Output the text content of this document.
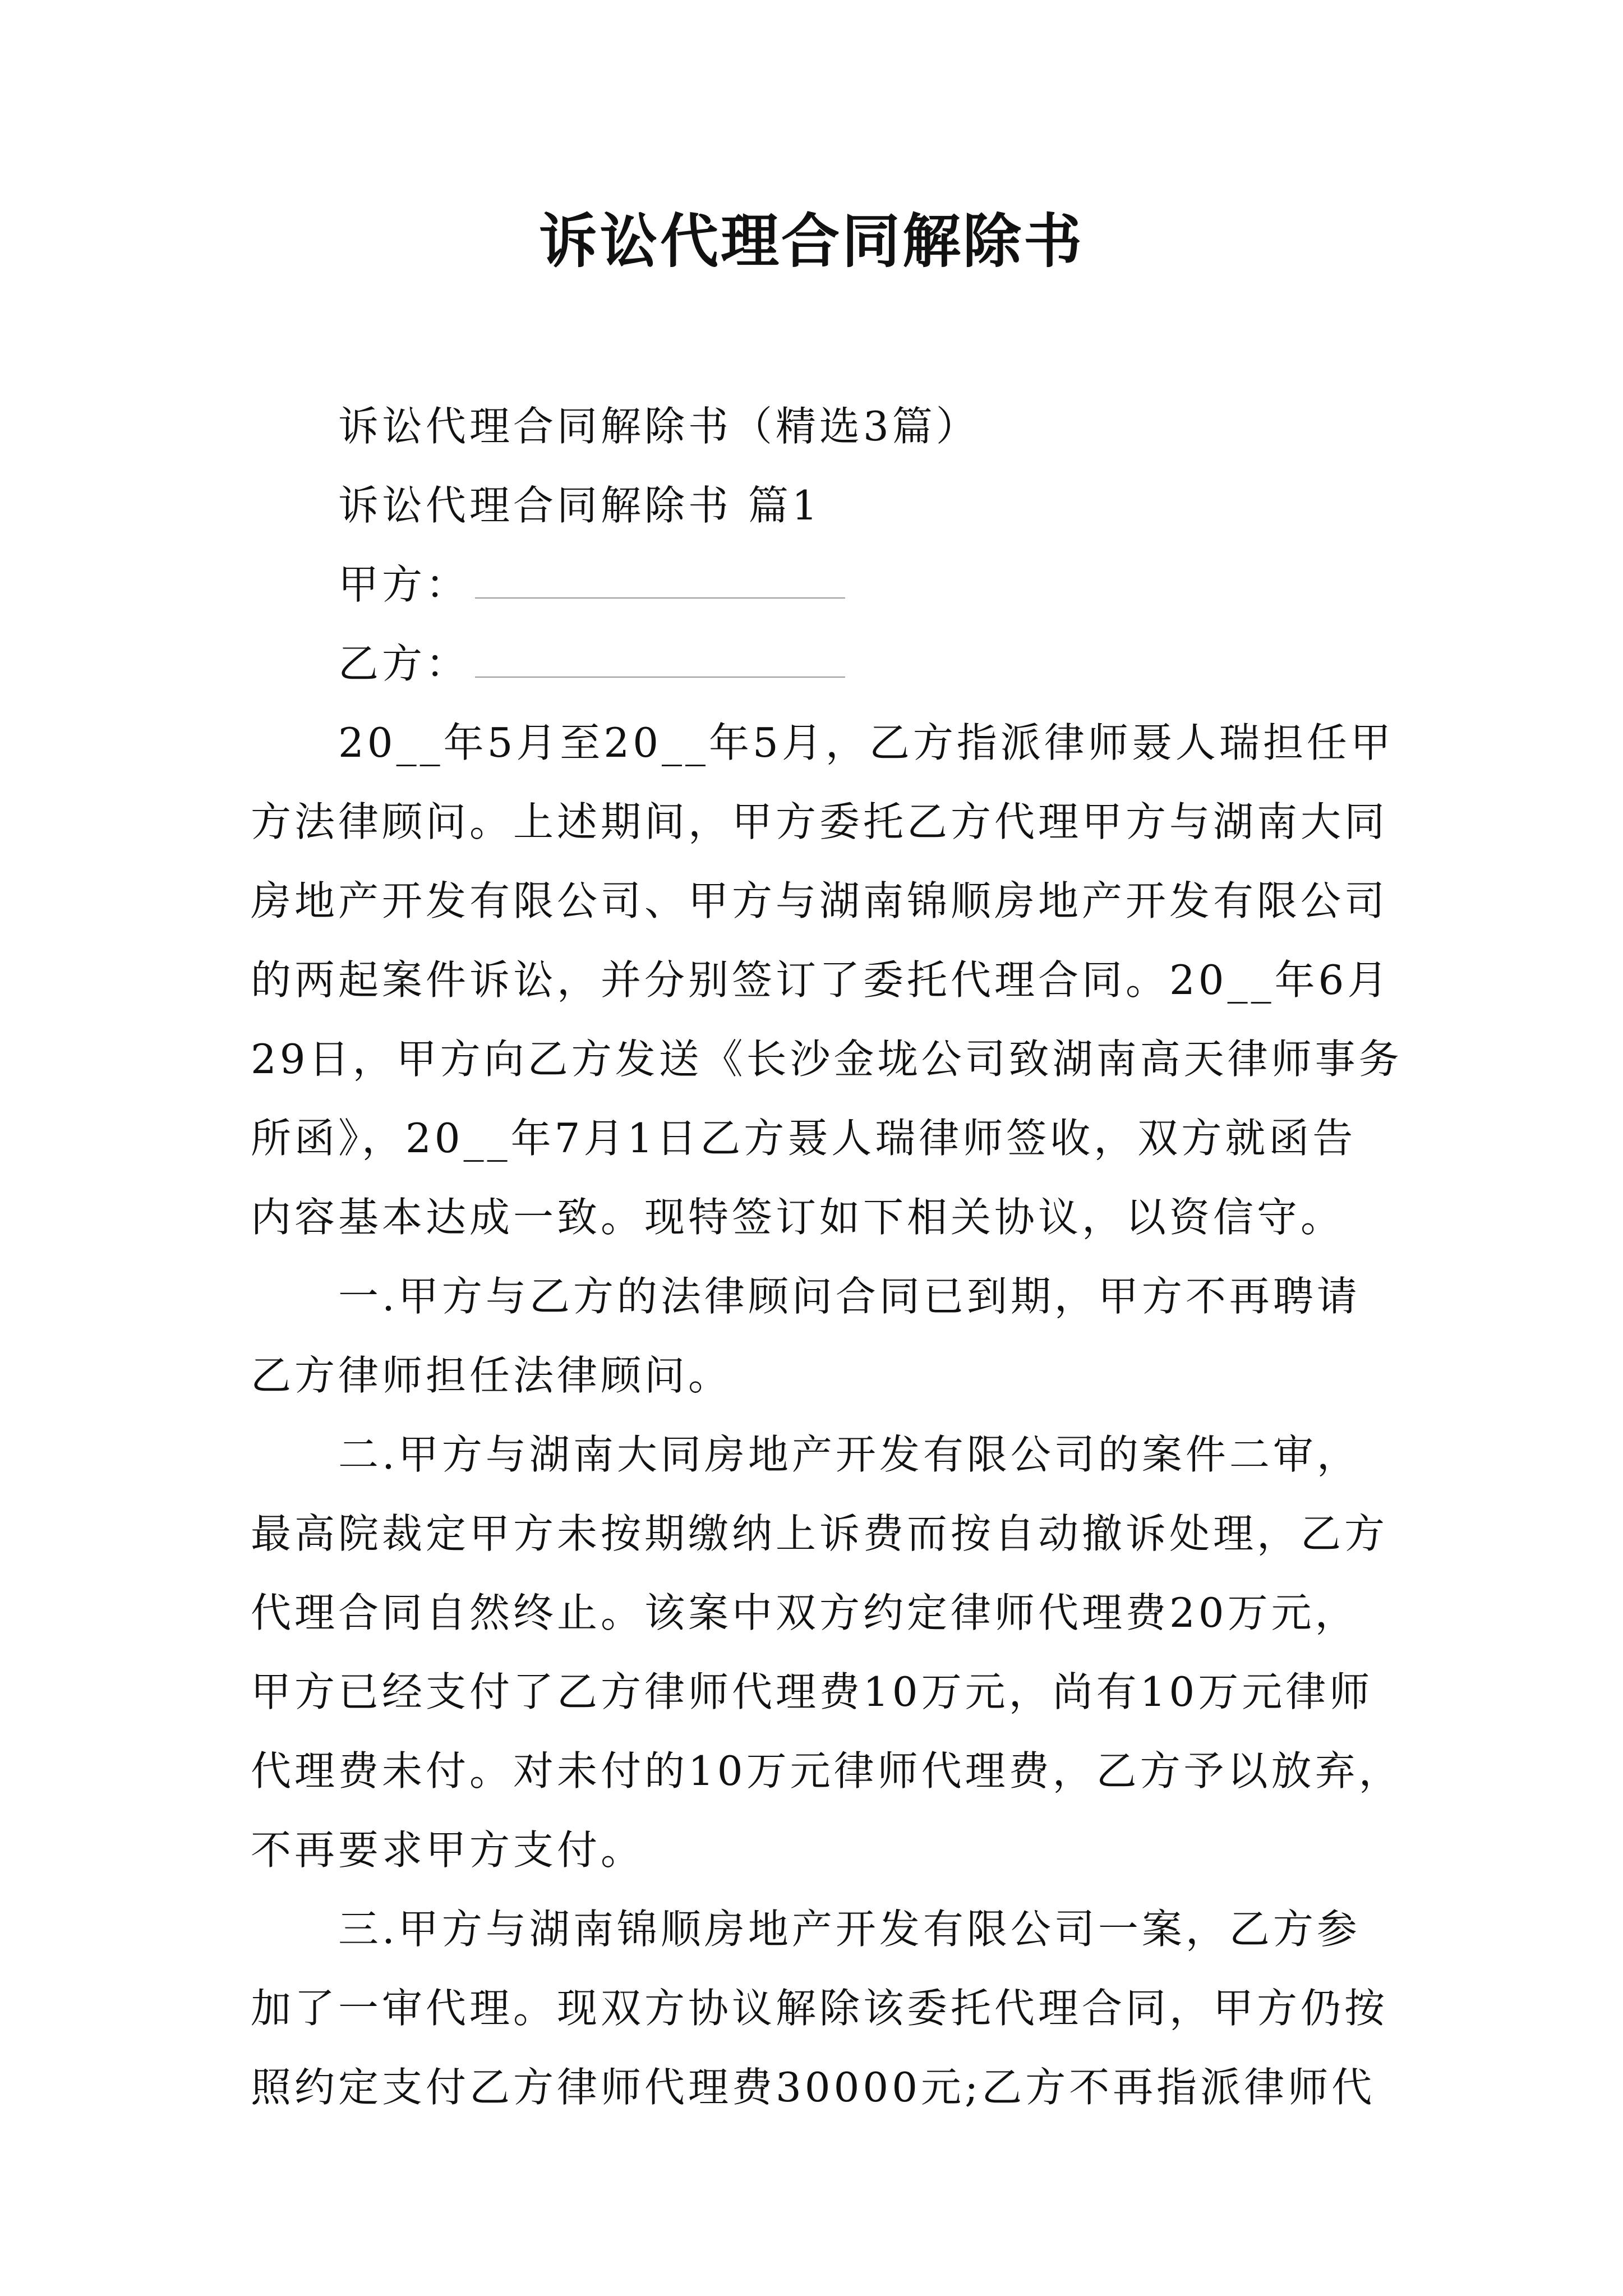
诉讼代理合同解除书

诉讼代理合同解除书（精选3篇）

诉讼代理合同解除书 篇1

甲方：

乙方：

20__年5月至20__年5月，乙方指派律师聂人瑞担任甲

方法律顾问。上述期间，甲方委托乙方代理甲方与湖南大同

房地产开发有限公司、甲方与湖南锦顺房地产开发有限公司

的两起案件诉讼，并分别签订了委托代理合同。20__年6月

29日，甲方向乙方发送《长沙金垅公司致湖南高天律师事务

所函》，20__年7月1日乙方聂人瑞律师签收，双方就函告

内容基本达成一致。现特签订如下相关协议，以资信守。

一.甲方与乙方的法律顾问合同已到期，甲方不再聘请

乙方律师担任法律顾问。

二.甲方与湖南大同房地产开发有限公司的案件二审，

最高院裁定甲方未按期缴纳上诉费而按自动撤诉处理，乙方

代理合同自然终止。该案中双方约定律师代理费20万元，

甲方已经支付了乙方律师代理费10万元，尚有10万元律师

代理费未付。对未付的10万元律师代理费，乙方予以放弃，

不再要求甲方支付。

三.甲方与湖南锦顺房地产开发有限公司一案，乙方参

加了一审代理。现双方协议解除该委托代理合同，甲方仍按

照约定支付乙方律师代理费30000元;乙方不再指派律师代
